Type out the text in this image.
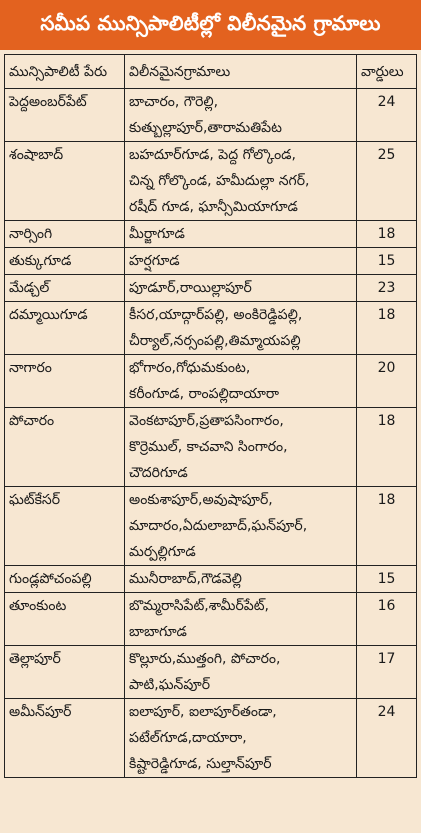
సమీప మున్సిపాలిటీల్లో విలీనమైన గ్రామాలు
మున్సిపాలిటీ పేరు	విలీనమైనగ్రామాలు	వార్డులు
పెద్దఅంబర్‌పేట్	బాచారం, గౌరెల్లి,
కుత్బుల్లాపూర్,తారామతిపేట	24
శంషాబాద్	బహదూర్‌గూడ, పెద్ద గోల్కొండ,
చిన్న గోల్కొండ, హమీదుల్లా నగర్,
రషీద్ గూడ, ఘాన్సీమియాగూడ	25
నార్సింగి	మీర్జాగూడ	18
తుక్కుగూడ	హర్షగూడ	15
మేడ్చల్	పూడూర్,రాయిల్లాపూర్	23
దమ్మాయిగూడ	కీసర,యాద్గార్‌పల్లి, అంకిరెడ్డిపల్లి,
చీర్యాల్,నర్సంపల్లి,తిమ్మాయపల్లి	18
నాగారం	భోగారం,గోధుమకుంట,
కరీంగూడ, రాంపల్లిదాయారా	20
పోచారం	వెంకటాపూర్,ప్రతాపసింగారం,
కొర్రెముల్, కాచవాని సింగారం,
చౌదరిగూడ	18
ఘట్‌కేసర్	అంకుశాపూర్,అవుషాపూర్,
మాదారం,ఏదులాబాద్,ఘన్‌పూర్,
మర్పల్లిగూడ	18
గుండ్లపోచంపల్లి	మునీరాబాద్,గౌడవెల్లి	15
తూంకుంట	బొమ్మరాసిపేట్,శామీర్‌పేట్,
బాబాగూడ	16
తెల్లాపూర్	కొల్లూరు,ముత్తంగి, పోచారం,
పాటి,ఘన్‌పూర్	17
అమీన్‌పూర్	ఐలాపూర్, ఐలాపూర్‌తండా,
పటేల్‌గూడ,దాయారా,
కిష్టారెడ్డిగూడ, సుల్తాన్‌పూర్	24
